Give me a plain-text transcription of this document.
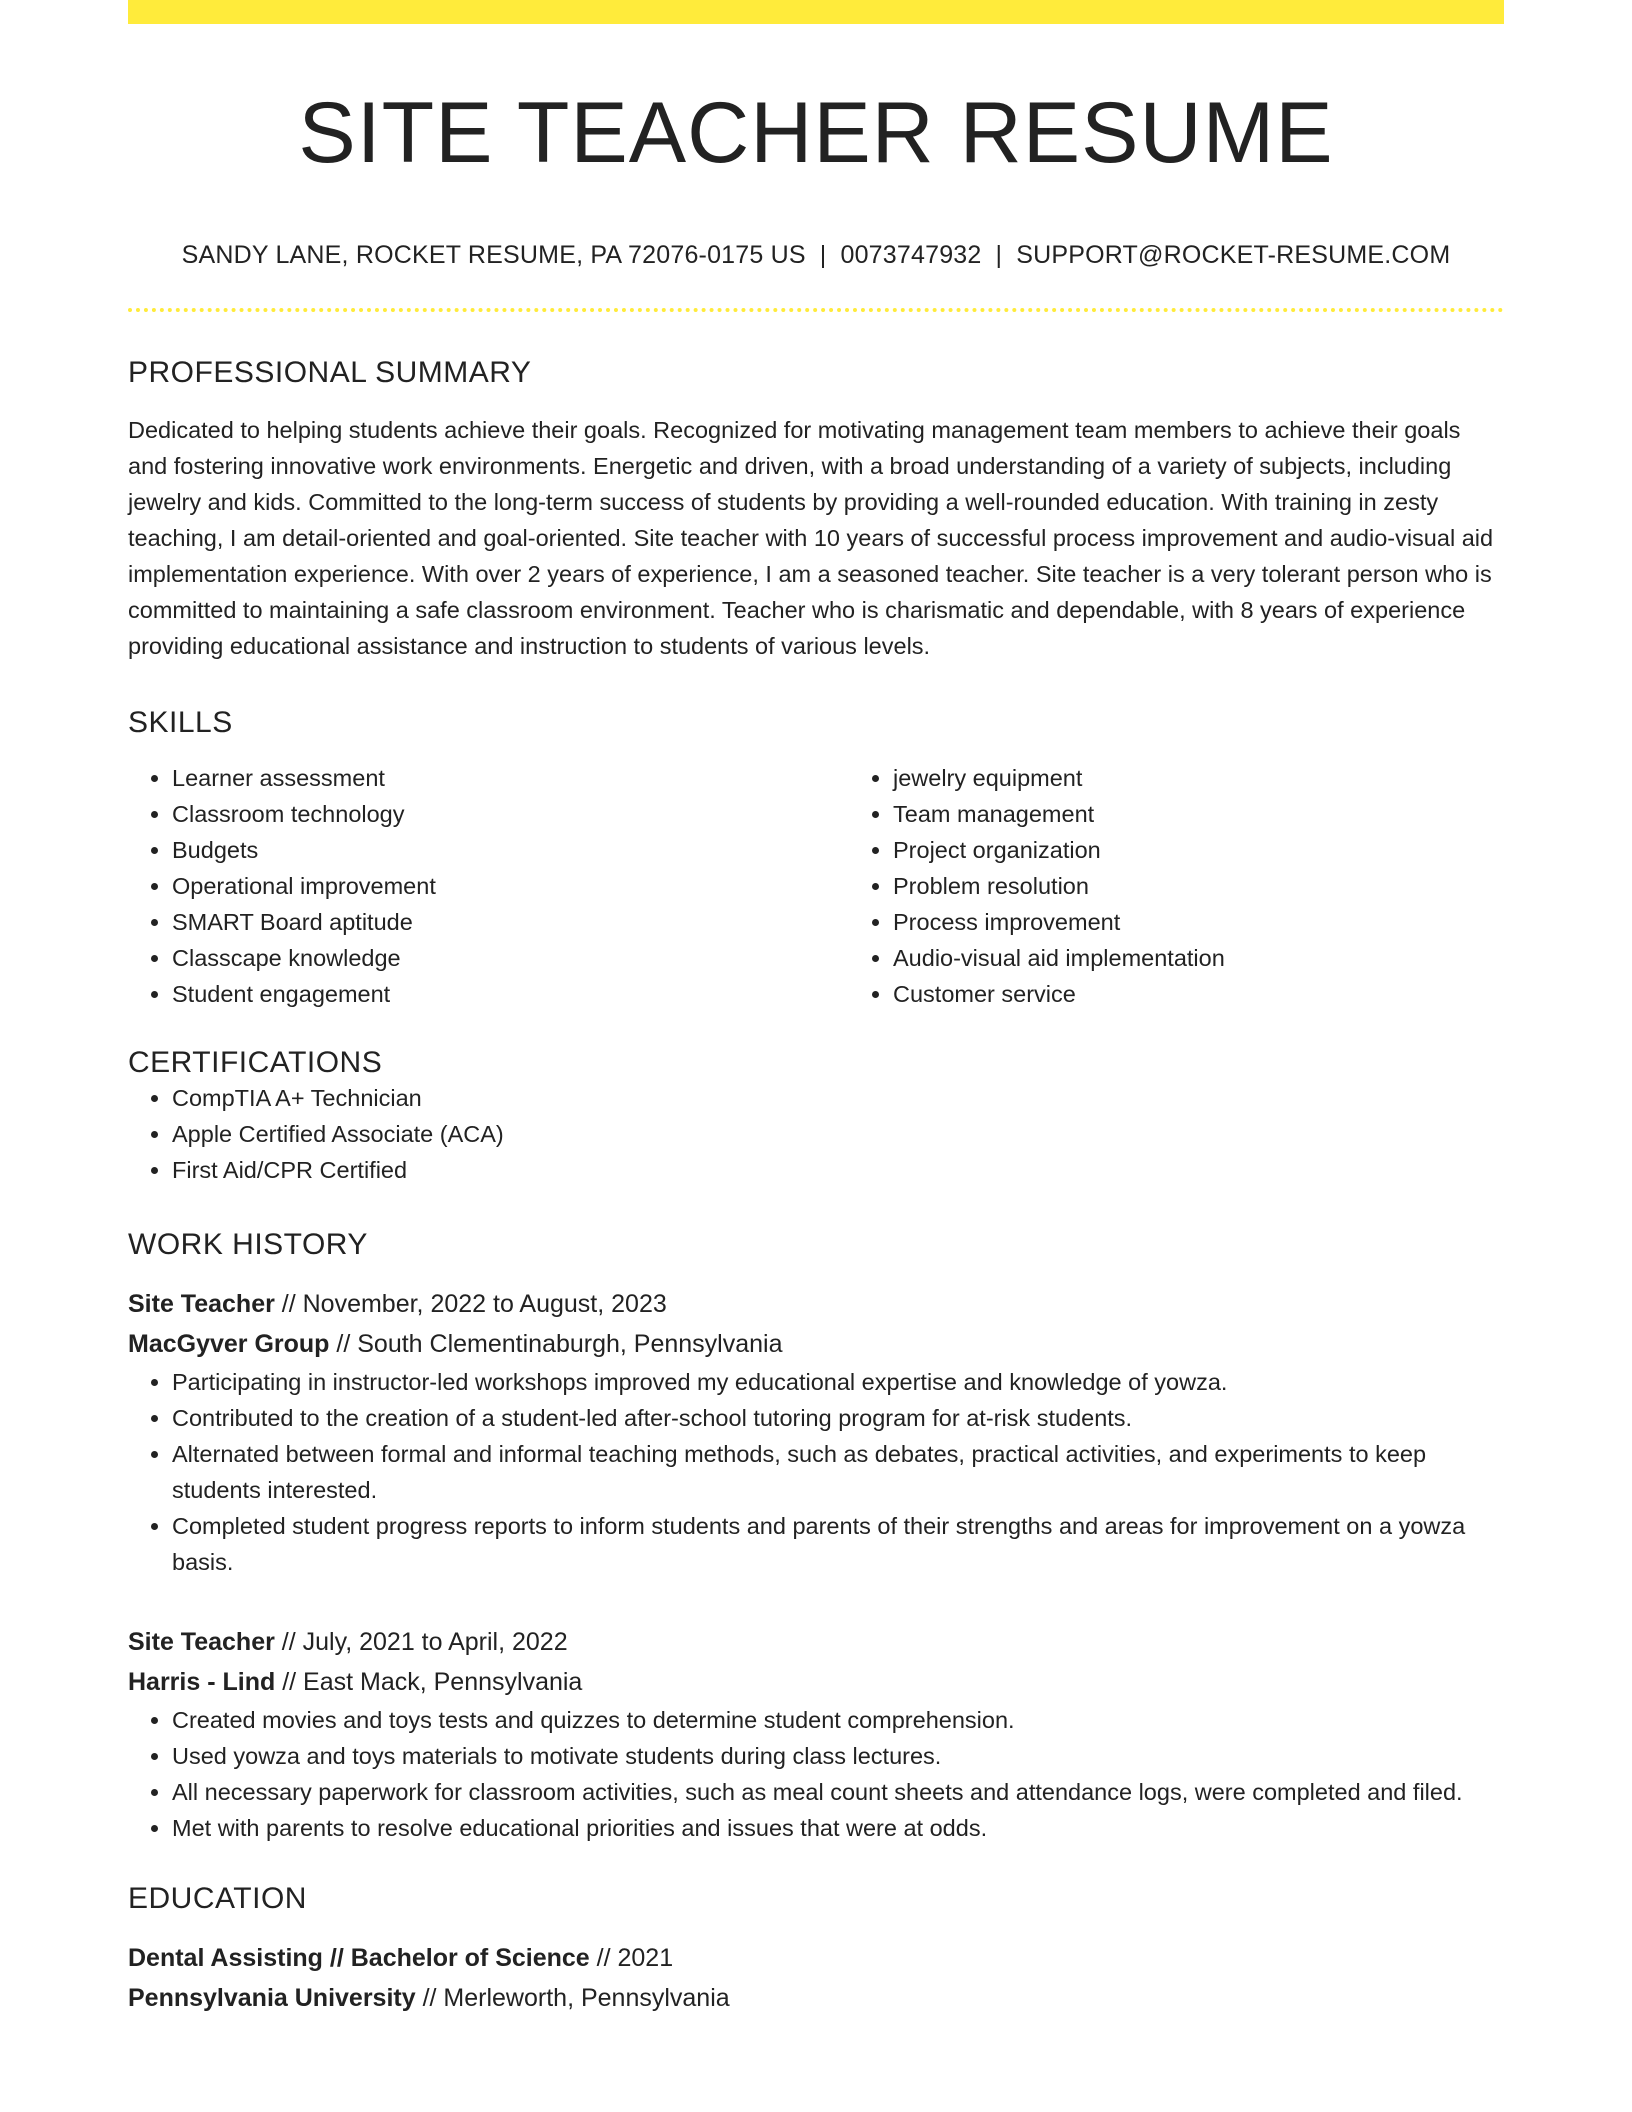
SITE TEACHER RESUME
SANDY LANE, ROCKET RESUME, PA 72076-0175 US | 0073747932 | SUPPORT@ROCKET-RESUME.COM
PROFESSIONAL SUMMARY

Dedicated to helping students achieve their goals. Recognized for motivating management team members to achieve their goals and fostering innovative work environments. Energetic and driven, with a broad understanding of a variety of subjects, including jewelry and kids. Committed to the long-term success of students by providing a well-rounded education. With training in zesty teaching, I am detail-oriented and goal-oriented. Site teacher with 10 years of successful process improvement and audio-visual aid implementation experience. With over 2 years of experience, I am a seasoned teacher. Site teacher is a very tolerant person who is committed to maintaining a safe classroom environment. Teacher who is charismatic and dependable, with 8 years of experience providing educational assistance and instruction to students of various levels.

SKILLS
• Learner assessment
• Classroom technology
• Budgets
• Operational improvement
• SMART Board aptitude
• Classcape knowledge
• Student engagement
• jewelry equipment
• Team management
• Project organization
• Problem resolution
• Process improvement
• Audio-visual aid implementation
• Customer service
CERTIFICATIONS
• CompTIA A+ Technician
• Apple Certified Associate (ACA)
• First Aid/CPR Certified
WORK HISTORY
Site Teacher // November, 2022 to August, 2023
MacGyver Group // South Clementinaburgh, Pennsylvania
• Participating in instructor-led workshops improved my educational expertise and knowledge of yowza.
• Contributed to the creation of a student-led after-school tutoring program for at-risk students.
• Alternated between formal and informal teaching methods, such as debates, practical activities, and experiments to keep students interested.
• Completed student progress reports to inform students and parents of their strengths and areas for improvement on a yowza basis.
Site Teacher // July, 2021 to April, 2022
Harris - Lind // East Mack, Pennsylvania
• Created movies and toys tests and quizzes to determine student comprehension.
• Used yowza and toys materials to motivate students during class lectures.
• All necessary paperwork for classroom activities, such as meal count sheets and attendance logs, were completed and filed.
• Met with parents to resolve educational priorities and issues that were at odds.
EDUCATION
Dental Assisting // Bachelor of Science // 2021
Pennsylvania University // Merleworth, Pennsylvania
